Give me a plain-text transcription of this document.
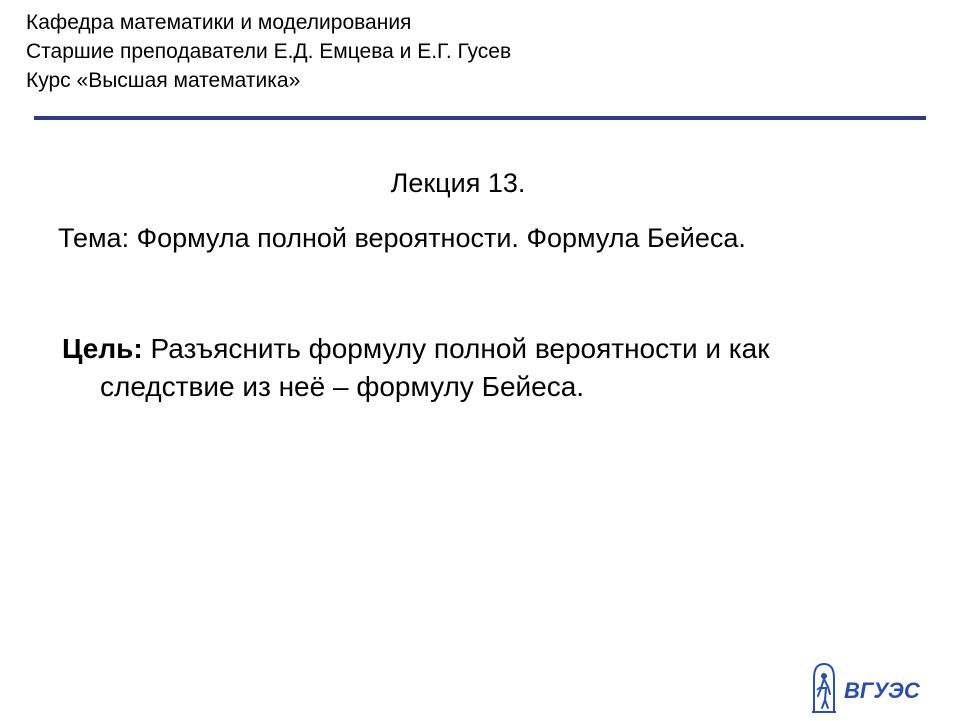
Кафедра математики и моделирования
Старшие преподаватели Е.Д. Емцева и Е.Г. Гусев
Курс «Высшая математика»
Лекция 13.
Тема: Формула полной вероятности. Формула Бейеса.
Цель: Разъяснить формулу полной вероятности и как
следствие из неё – формулу Бейеса.
ВГУЭС
